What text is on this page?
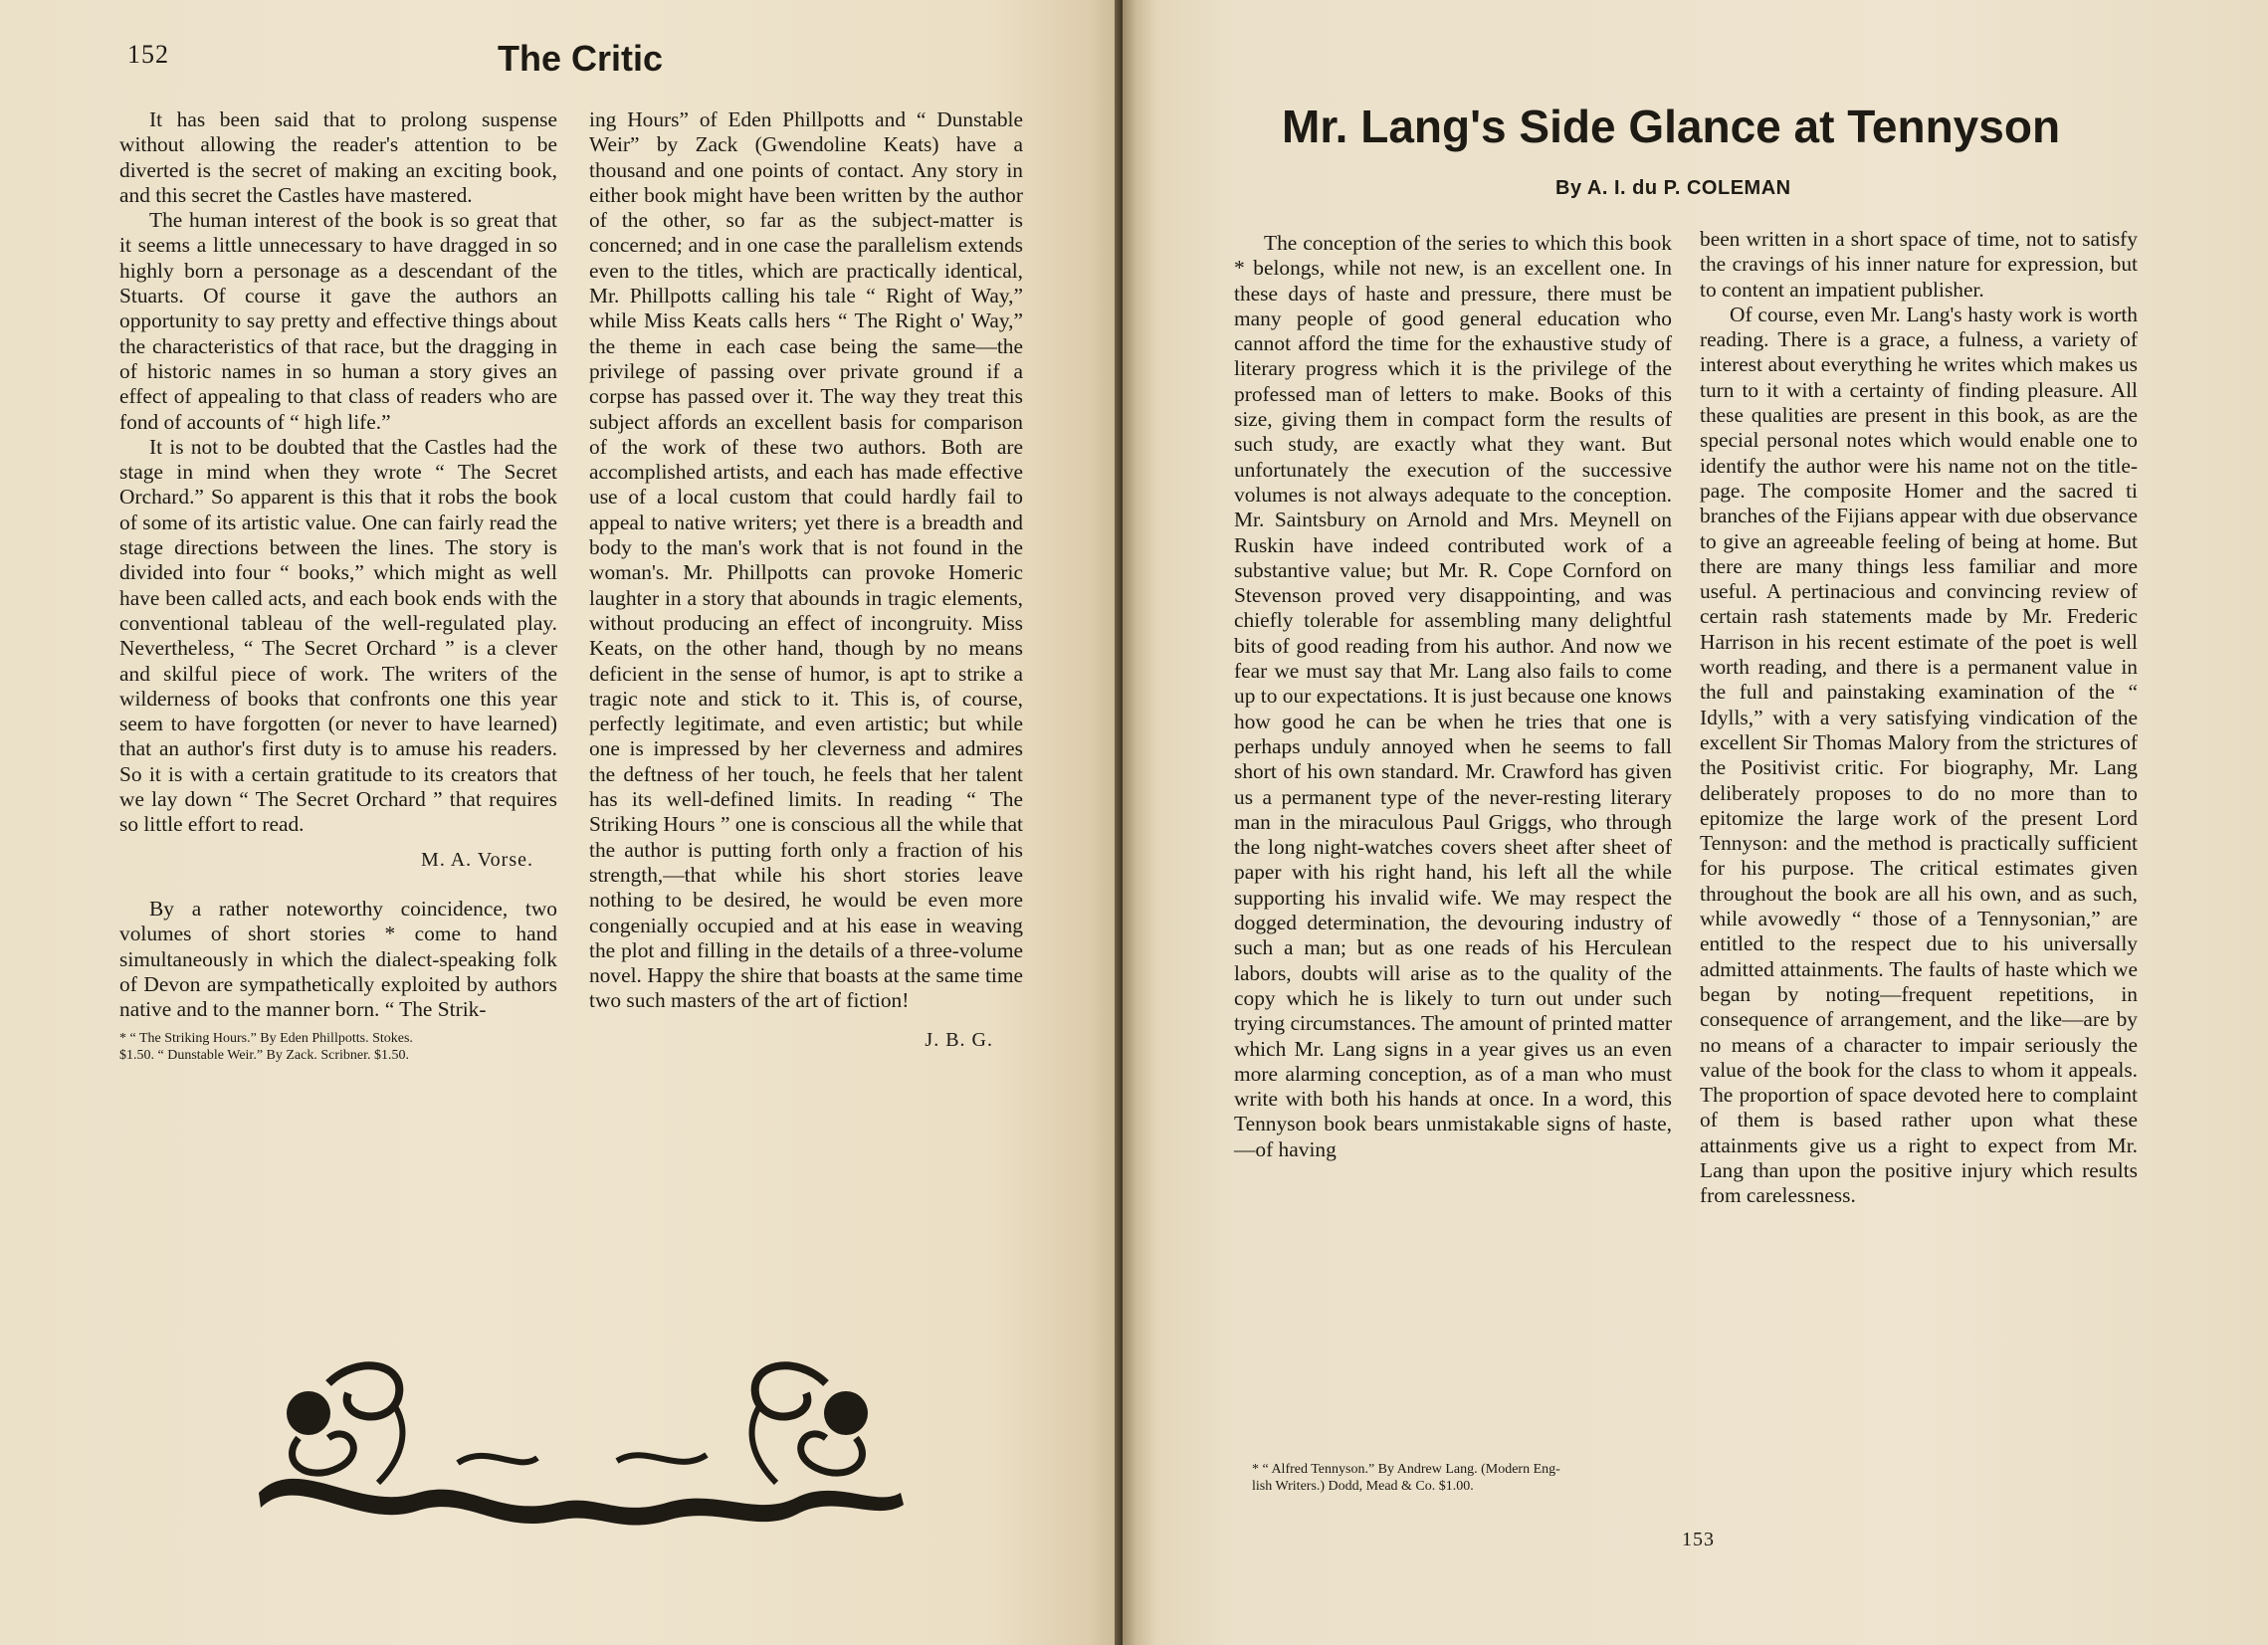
152	The Critic

It has been said that to prolong suspense without allowing the reader's attention to be diverted is the secret of making an exciting book, and this secret the Castles have mastered.

The human interest of the book is so great that it seems a little unnecessary to have dragged in so highly born a personage as a descendant of the Stuarts. Of course it gave the authors an opportunity to say pretty and effective things about the characteristics of that race, but the dragging in of historic names in so human a story gives an effect of appealing to that class of readers who are fond of accounts of “ high life.”

It is not to be doubted that the Castles had the stage in mind when they wrote “ The Secret Orchard.” So apparent is this that it robs the book of some of its artistic value. One can fairly read the stage directions between the lines. The story is divided into four “ books,” which might as well have been called acts, and each book ends with the conventional tableau of the well-regulated play. Nevertheless, “ The Secret Orchard ” is a clever and skilful piece of work. The writers of the wilderness of books that confronts one this year seem to have forgotten (or never to have learned) that an author's first duty is to amuse his readers. So it is with a certain gratitude to its creators that we lay down “ The Secret Orchard ” that requires so little effort to read.

M. A. Vorse.

By a rather noteworthy coincidence, two volumes of short stories * come to hand simultaneously in which the dialect-speaking folk of Devon are sympathetically exploited by authors native and to the manner born. “ The Strik-

* “ The Striking Hours.” By Eden Phillpotts. Stokes.
$1.50. “ Dunstable Weir.” By Zack. Scribner. $1.50.

ing Hours” of Eden Phillpotts and “ Dunstable Weir” by Zack (Gwendoline Keats) have a thousand and one points of contact. Any story in either book might have been written by the author of the other, so far as the subject-matter is concerned; and in one case the parallelism extends even to the titles, which are practically identical, Mr. Phillpotts calling his tale “ Right of Way,” while Miss Keats calls hers “ The Right o' Way,” the theme in each case being the same—the privilege of passing over private ground if a corpse has passed over it. The way they treat this subject affords an excellent basis for comparison of the work of these two authors. Both are accomplished artists, and each has made effective use of a local custom that could hardly fail to appeal to native writers; yet there is a breadth and body to the man's work that is not found in the woman's. Mr. Phillpotts can provoke Homeric laughter in a story that abounds in tragic elements, without producing an effect of incongruity. Miss Keats, on the other hand, though by no means deficient in the sense of humor, is apt to strike a tragic note and stick to it. This is, of course, perfectly legitimate, and even artistic; but while one is impressed by her cleverness and admires the deftness of her touch, he feels that her talent has its well-defined limits. In reading “ The Striking Hours ” one is conscious all the while that the author is putting forth only a fraction of his strength,—that while his short stories leave nothing to be desired, he would be even more congenially occupied and at his ease in weaving the plot and filling in the details of a three-volume novel. Happy the shire that boasts at the same time two such masters of the art of fiction!

J. B. G.
Mr. Lang's Side Glance at Tennyson
By A. I. du P. COLEMAN

The conception of the series to which this book * belongs, while not new, is an excellent one. In these days of haste and pressure, there must be many people of good general education who cannot afford the time for the exhaustive study of literary progress which it is the privilege of the professed man of letters to make. Books of this size, giving them in compact form the results of such study, are exactly what they want. But unfortunately the execution of the successive volumes is not always adequate to the conception. Mr. Saintsbury on Arnold and Mrs. Meynell on Ruskin have indeed contributed work of a substantive value; but Mr. R. Cope Cornford on Stevenson proved very disappointing, and was chiefly tolerable for assembling many delightful bits of good reading from his author. And now we fear we must say that Mr. Lang also fails to come up to our expectations. It is just because one knows how good he can be when he tries that one is perhaps unduly annoyed when he seems to fall short of his own standard. Mr. Crawford has given us a permanent type of the never-resting literary man in the miraculous Paul Griggs, who through the long night-watches covers sheet after sheet of paper with his right hand, his left all the while supporting his invalid wife. We may respect the dogged determination, the devouring industry of such a man; but as one reads of his Herculean labors, doubts will arise as to the quality of the copy which he is likely to turn out under such trying circumstances. The amount of printed matter which Mr. Lang signs in a year gives us an even more alarming conception, as of a man who must write with both his hands at once. In a word, this Tennyson book bears unmistakable signs of haste,—of having

* “ Alfred Tennyson.” By Andrew Lang. (Modern Eng-
lish Writers.) Dodd, Mead & Co. $1.00.

been written in a short space of time, not to satisfy the cravings of his inner nature for expression, but to content an impatient publisher.

Of course, even Mr. Lang's hasty work is worth reading. There is a grace, a fulness, a variety of interest about everything he writes which makes us turn to it with a certainty of finding pleasure. All these qualities are present in this book, as are the special personal notes which would enable one to identify the author were his name not on the title-page. The composite Homer and the sacred ti branches of the Fijians appear with due observance to give an agreeable feeling of being at home. But there are many things less familiar and more useful. A pertinacious and convincing review of certain rash statements made by Mr. Frederic Harrison in his recent estimate of the poet is well worth reading, and there is a permanent value in the full and painstaking examination of the “ Idylls,” with a very satisfying vindication of the excellent Sir Thomas Malory from the strictures of the Positivist critic. For biography, Mr. Lang deliberately proposes to do no more than to epitomize the large work of the present Lord Tennyson: and the method is practically sufficient for his purpose. The critical estimates given throughout the book are all his own, and as such, while avowedly “ those of a Tennysonian,” are entitled to the respect due to his universally admitted attainments. The faults of haste which we began by noting—frequent repetitions, in consequence of arrangement, and the like—are by no means of a character to impair seriously the value of the book for the class to whom it appeals. The proportion of space devoted here to complaint of them is based rather upon what these attainments give us a right to expect from Mr. Lang than upon the positive injury which results from carelessness.

153
